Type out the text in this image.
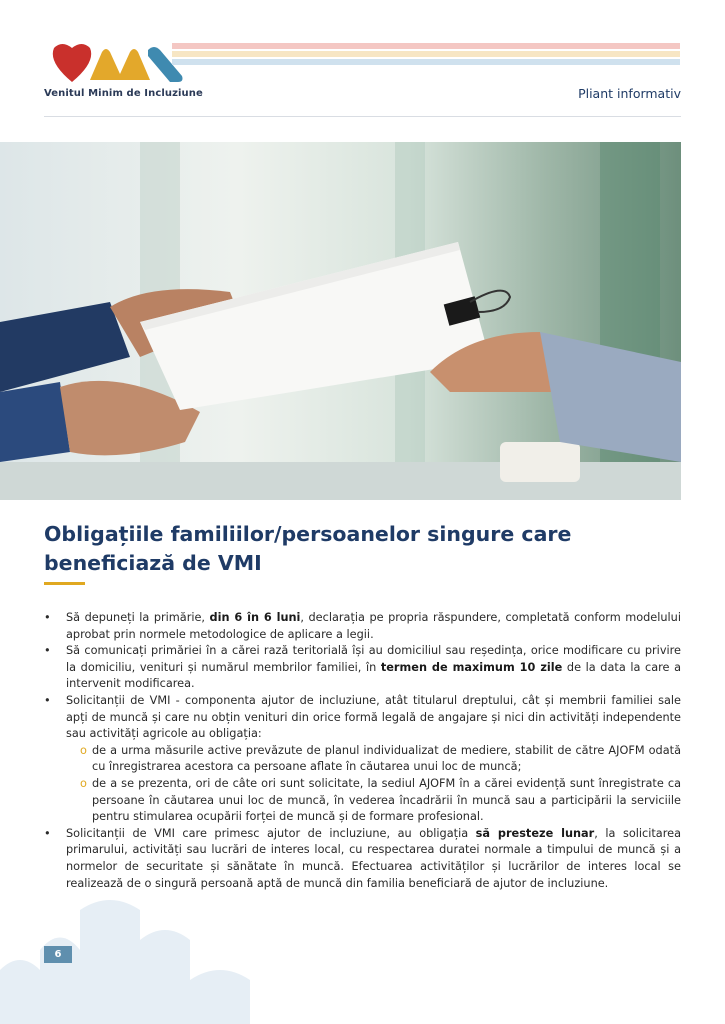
Venitul Minim de Incluziune	Pliant informativ
Obligațiile familiilor/persoanelor singure care beneficiază de VMI
• Să depuneți la primărie, din 6 în 6 luni, declarația pe propria răspundere, completată conform modelului aprobat prin normele metodologice de aplicare a legii.
• Să comunicați primăriei în a cărei rază teritorială își au domiciliul sau reședința, orice modificare cu privire la domiciliu, venituri și numărul membrilor familiei, în termen de maximum 10 zile de la data la care a intervenit modificarea.
• Solicitanții de VMI - componenta ajutor de incluziune, atât titularul dreptului, cât și membrii familiei sale apți de muncă și care nu obțin venituri din orice formă legală de angajare și nici din activități independente sau activități agricole au obligația:
o de a urma măsurile active prevăzute de planul individualizat de mediere, stabilit de către AJOFM odată cu înregistrarea acestora ca persoane aflate în căutarea unui loc de muncă;
o de a se prezenta, ori de câte ori sunt solicitate, la sediul AJOFM în a cărei evidență sunt înregistrate ca persoane în căutarea unui loc de muncă, în vederea încadrării în muncă sau a participării la serviciile pentru stimularea ocupării forței de muncă și de formare profesional.
• Solicitanții de VMI care primesc ajutor de incluziune, au obligația să presteze lunar, la solicitarea primarului, activități sau lucrări de interes local, cu respectarea duratei normale a timpului de muncă și a normelor de securitate și sănătate în muncă. Efectuarea activităților și lucrărilor de interes local se realizează de o singură persoană aptă de muncă din familia beneficiară de ajutor de incluziune.
6
